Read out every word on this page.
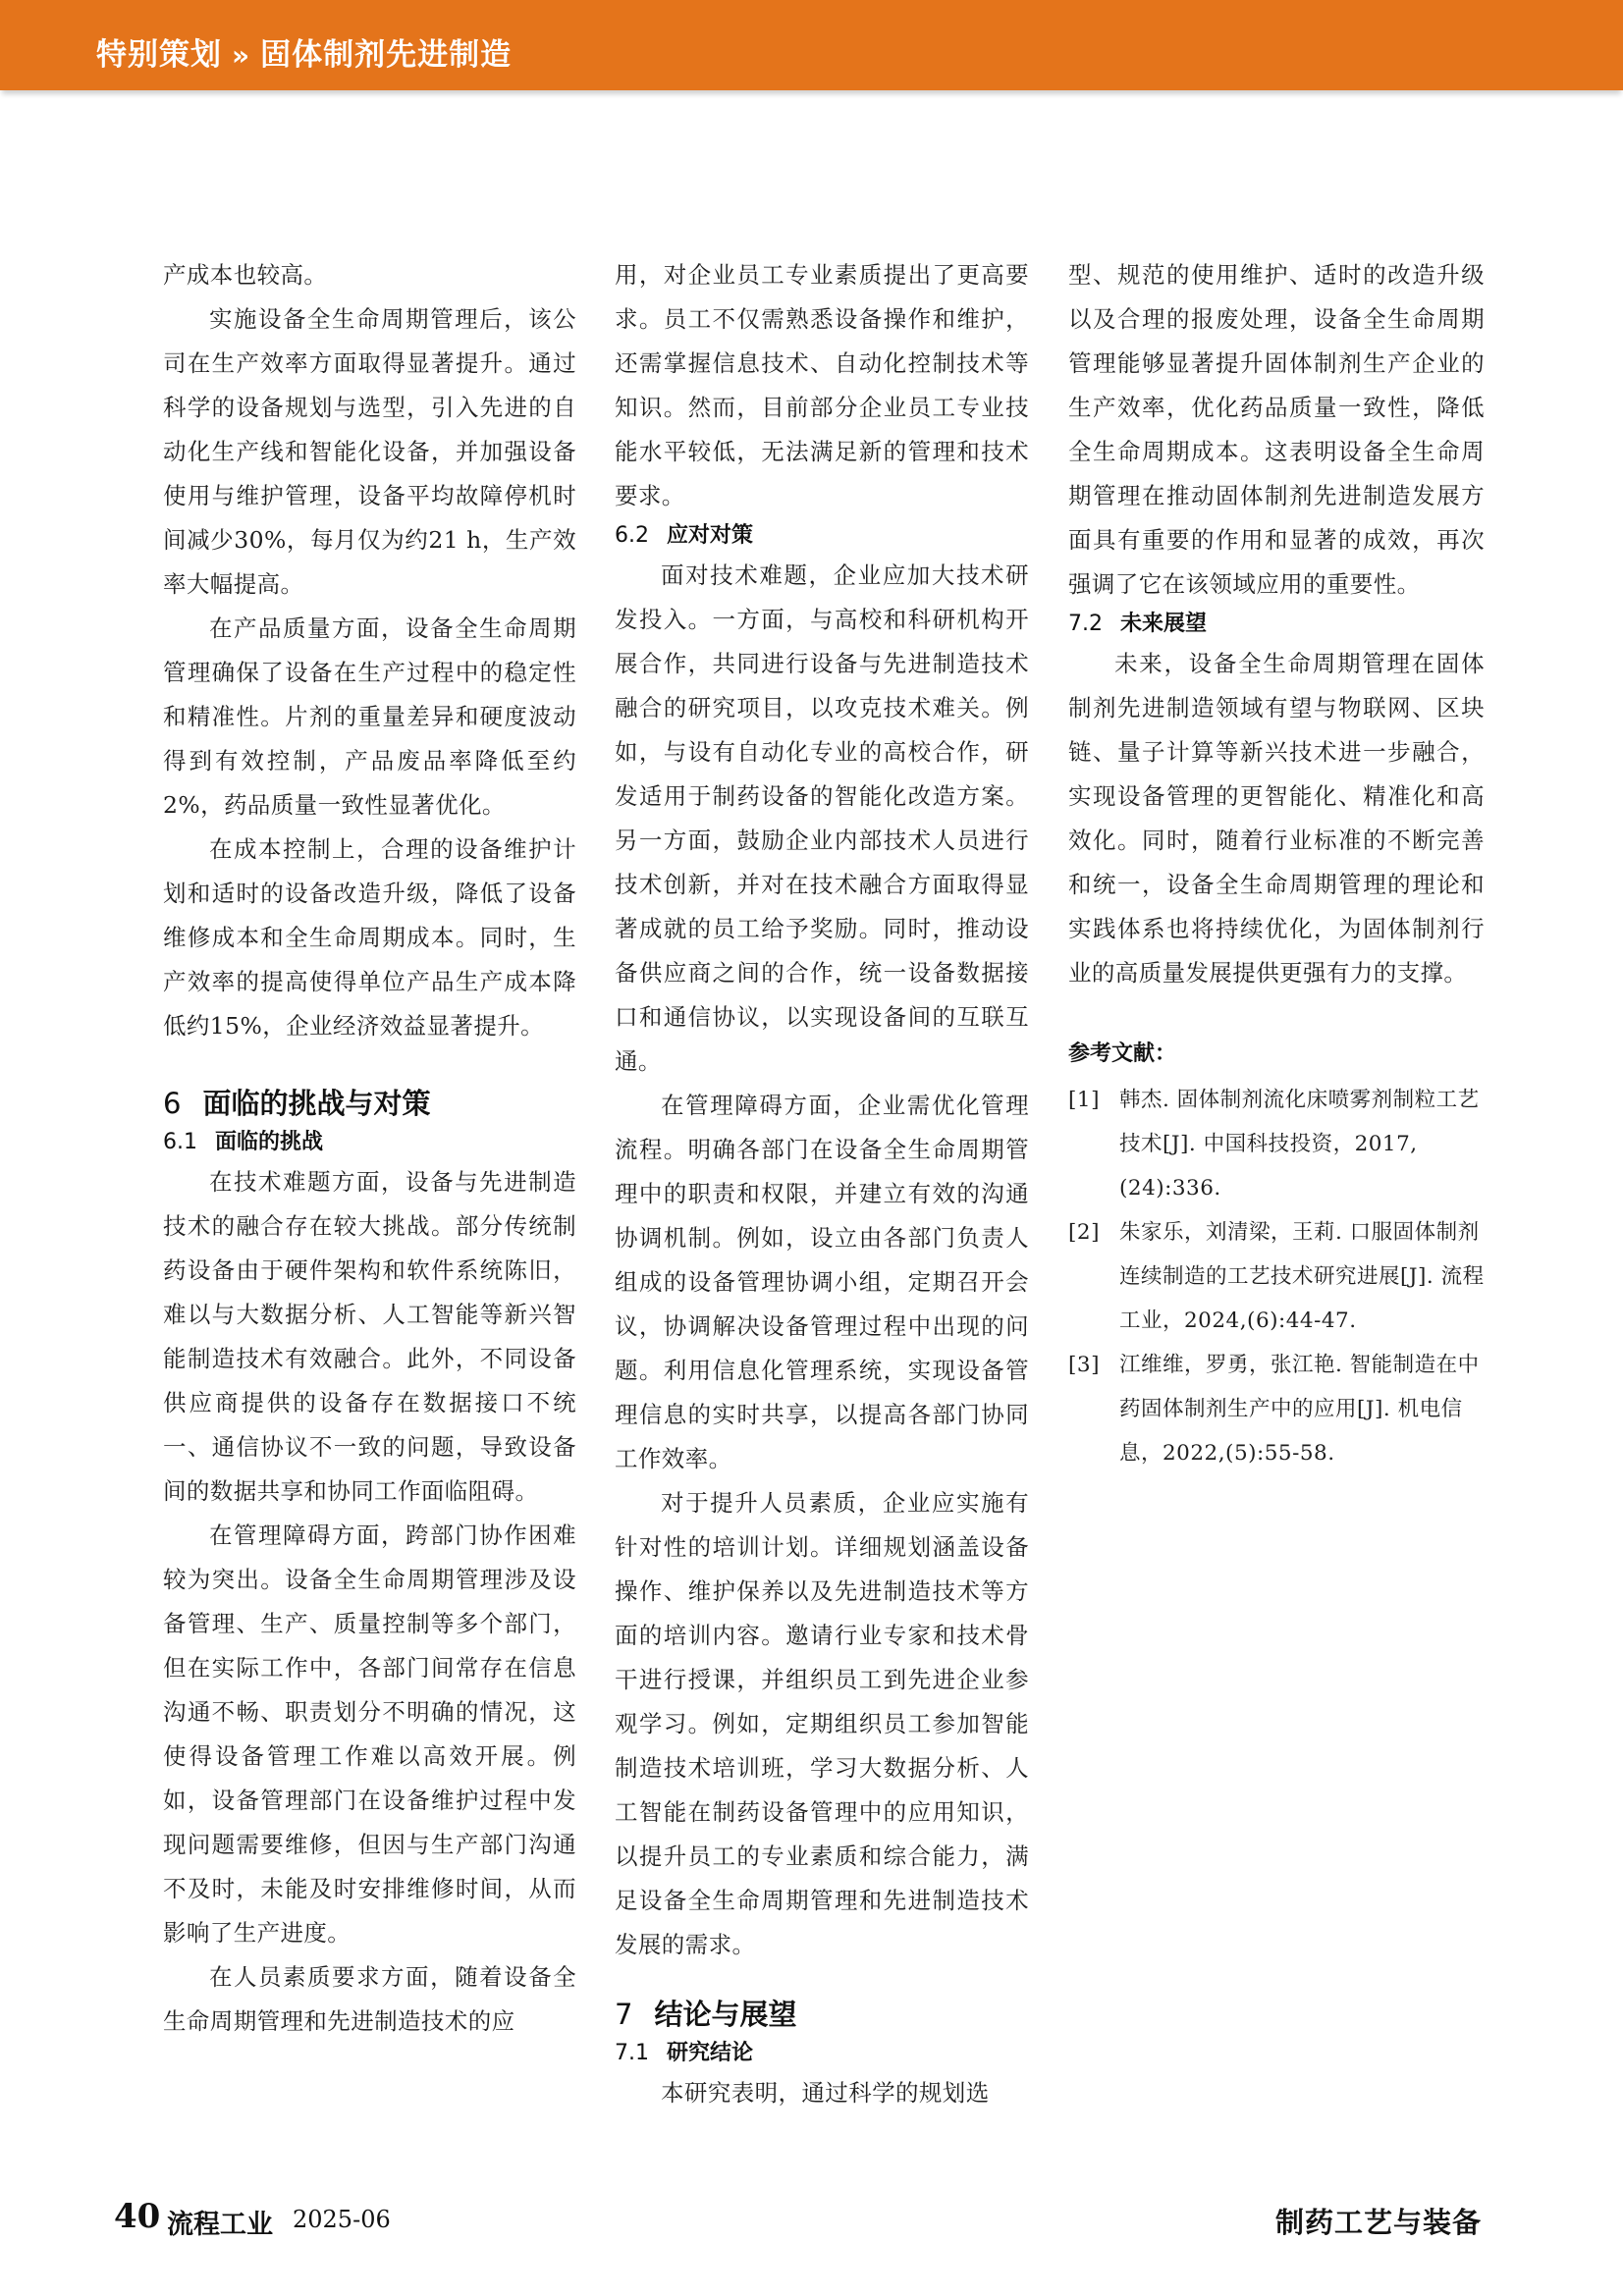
特别策划 » 固体制剂先进制造

产成本也较高。

实施设备全生命周期管理后，该公司在生产效率方面取得显著提升。通过科学的设备规划与选型，引入先进的自动化生产线和智能化设备，并加强设备使用与维护管理，设备平均故障停机时间减少30%，每月仅为约21 h，生产效率大幅提高。

在产品质量方面，设备全生命周期管理确保了设备在生产过程中的稳定性和精准性。片剂的重量差异和硬度波动得到有效控制，产品废品率降低至约2%，药品质量一致性显著优化。

在成本控制上，合理的设备维护计划和适时的设备改造升级，降低了设备维修成本和全生命周期成本。同时，生产效率的提高使得单位产品生产成本降低约15%，企业经济效益显著提升。

6 面临的挑战与对策
6.1 面临的挑战

在技术难题方面，设备与先进制造技术的融合存在较大挑战。部分传统制药设备由于硬件架构和软件系统陈旧，难以与大数据分析、人工智能等新兴智能制造技术有效融合。此外，不同设备供应商提供的设备存在数据接口不统一、通信协议不一致的问题，导致设备间的数据共享和协同工作面临阻碍。

在管理障碍方面，跨部门协作困难较为突出。设备全生命周期管理涉及设备管理、生产、质量控制等多个部门，但在实际工作中，各部门间常存在信息沟通不畅、职责划分不明确的情况，这使得设备管理工作难以高效开展。例如，设备管理部门在设备维护过程中发现问题需要维修，但因与生产部门沟通不及时，未能及时安排维修时间，从而影响了生产进度。

在人员素质要求方面，随着设备全生命周期管理和先进制造技术的应

用，对企业员工专业素质提出了更高要求。员工不仅需熟悉设备操作和维护，还需掌握信息技术、自动化控制技术等知识。然而，目前部分企业员工专业技能水平较低，无法满足新的管理和技术要求。

6.2 应对对策

面对技术难题，企业应加大技术研发投入。一方面，与高校和科研机构开展合作，共同进行设备与先进制造技术融合的研究项目，以攻克技术难关。例如，与设有自动化专业的高校合作，研发适用于制药设备的智能化改造方案。另一方面，鼓励企业内部技术人员进行技术创新，并对在技术融合方面取得显著成就的员工给予奖励。同时，推动设备供应商之间的合作，统一设备数据接口和通信协议，以实现设备间的互联互通。

在管理障碍方面，企业需优化管理流程。明确各部门在设备全生命周期管理中的职责和权限，并建立有效的沟通协调机制。例如，设立由各部门负责人组成的设备管理协调小组，定期召开会议，协调解决设备管理过程中出现的问题。利用信息化管理系统，实现设备管理信息的实时共享，以提高各部门协同工作效率。

对于提升人员素质，企业应实施有针对性的培训计划。详细规划涵盖设备操作、维护保养以及先进制造技术等方面的培训内容。邀请行业专家和技术骨干进行授课，并组织员工到先进企业参观学习。例如，定期组织员工参加智能制造技术培训班，学习大数据分析、人工智能在制药设备管理中的应用知识，以提升员工的专业素质和综合能力，满足设备全生命周期管理和先进制造技术发展的需求。

7 结论与展望
7.1 研究结论

本研究表明，通过科学的规划选

型、规范的使用维护、适时的改造升级以及合理的报废处理，设备全生命周期管理能够显著提升固体制剂生产企业的生产效率，优化药品质量一致性，降低全生命周期成本。这表明设备全生命周期管理在推动固体制剂先进制造发展方面具有重要的作用和显著的成效，再次强调了它在该领域应用的重要性。

7.2 未来展望

未来，设备全生命周期管理在固体制剂先进制造领域有望与物联网、区块链、量子计算等新兴技术进一步融合，实现设备管理的更智能化、精准化和高效化。同时，随着行业标准的不断完善和统一，设备全生命周期管理的理论和实践体系也将持续优化，为固体制剂行业的高质量发展提供更强有力的支撑。

参考文献：
[1] 韩杰. 固体制剂流化床喷雾剂制粒工艺技术[J]. 中国科技投资，2017,(24):336.
[2] 朱家乐，刘清梁，王莉. 口服固体制剂连续制造的工艺技术研究进展[J]. 流程工业，2024,(6):44-47.
[3] 江维维，罗勇，张江艳. 智能制造在中药固体制剂生产中的应用[J]. 机电信息，2022,(5):55-58.
40 流程工业 2025-06	制药工艺与装备
